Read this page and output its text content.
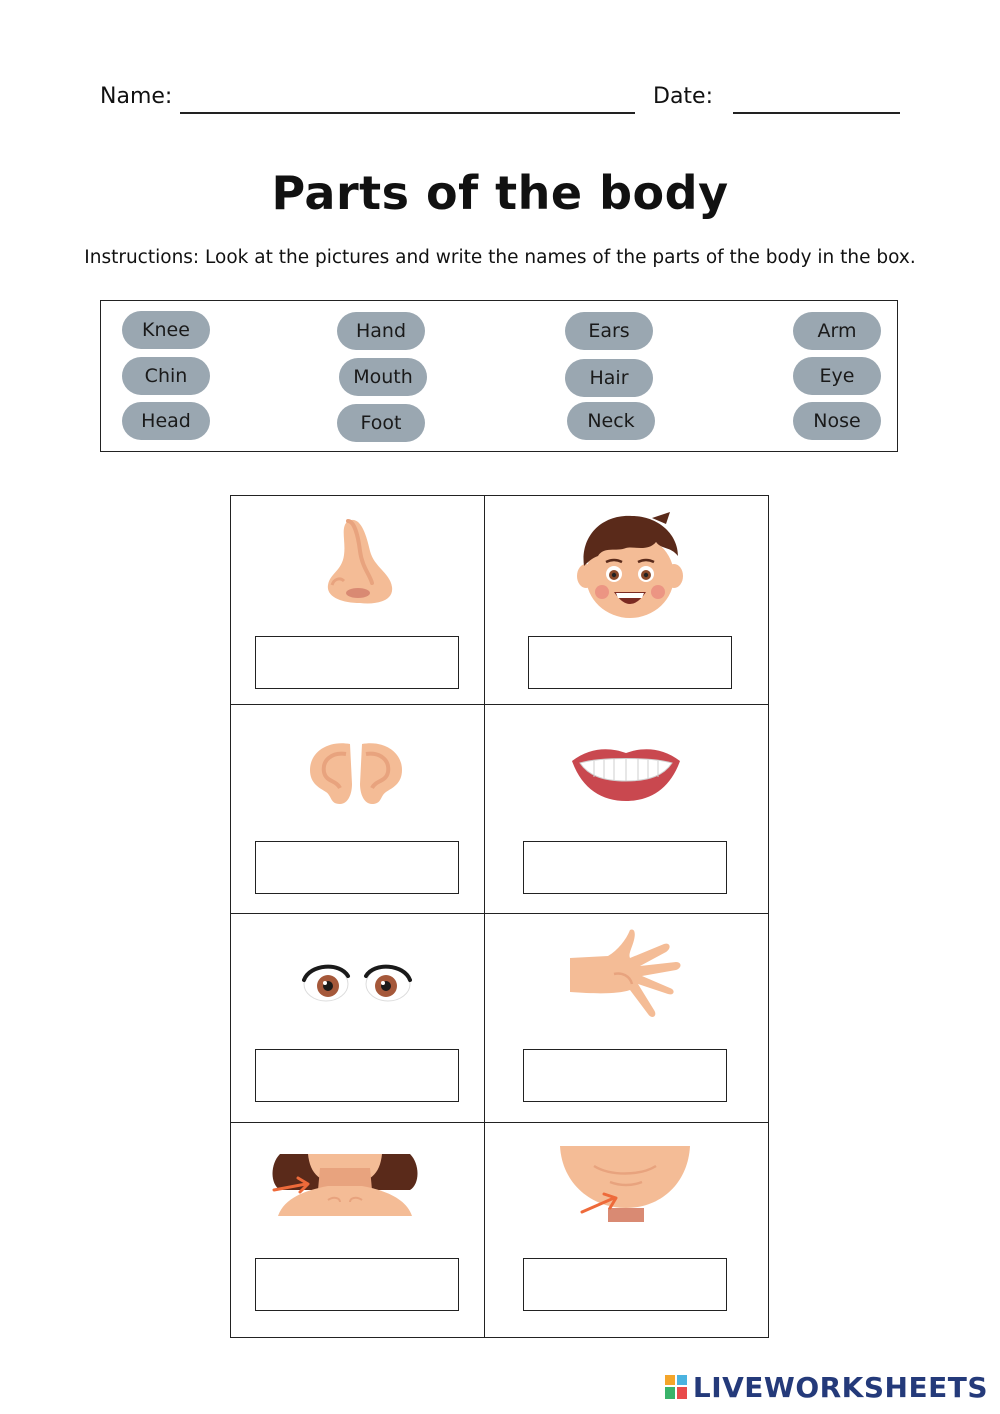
Name:	Date:
Parts of the body
Instructions: Look at the pictures and write the names of the parts of the body in the box.
Knee
Chin
Head
Hand
Mouth
Foot
Ears
Hair
Neck
Arm
Eye
Nose
LIVEWORKSHEETS
